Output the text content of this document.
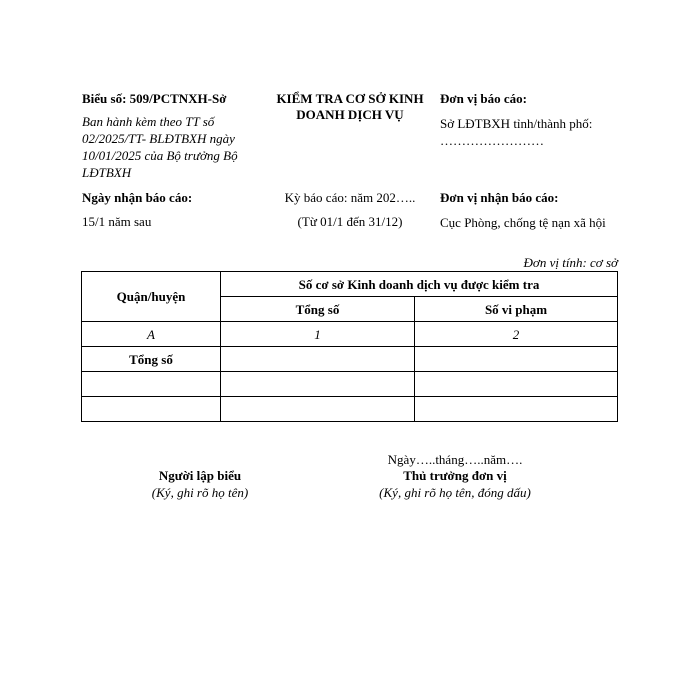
Biểu số: 509/PCTNXH-Sở
Ban hành kèm theo TT số 02/2025/TT- BLĐTBXH ngày 10/01/2025 của Bộ trưởng Bộ LĐTBXH
KIỂM TRA CƠ SỞ KINH DOANH DỊCH VỤ
Đơn vị báo cáo:
Sở LĐTBXH tỉnh/thành phố: ……………………
Ngày nhận báo cáo:
15/1 năm sau
Kỳ báo cáo: năm 202…..
(Từ 01/1 đến 31/12)
Đơn vị nhận báo cáo:
Cục Phòng, chống tệ nạn xã hội
Đơn vị tính: cơ sở
Quận/huyện	Số cơ sở Kinh doanh dịch vụ được kiểm tra	
	Tổng số	Số vi phạm
A	1	2
Tổng số		

Ngày…..tháng…..năm….
Người lập biểu
(Ký, ghi rõ họ tên)
Thủ trưởng đơn vị
(Ký, ghi rõ họ tên, đóng dấu)
